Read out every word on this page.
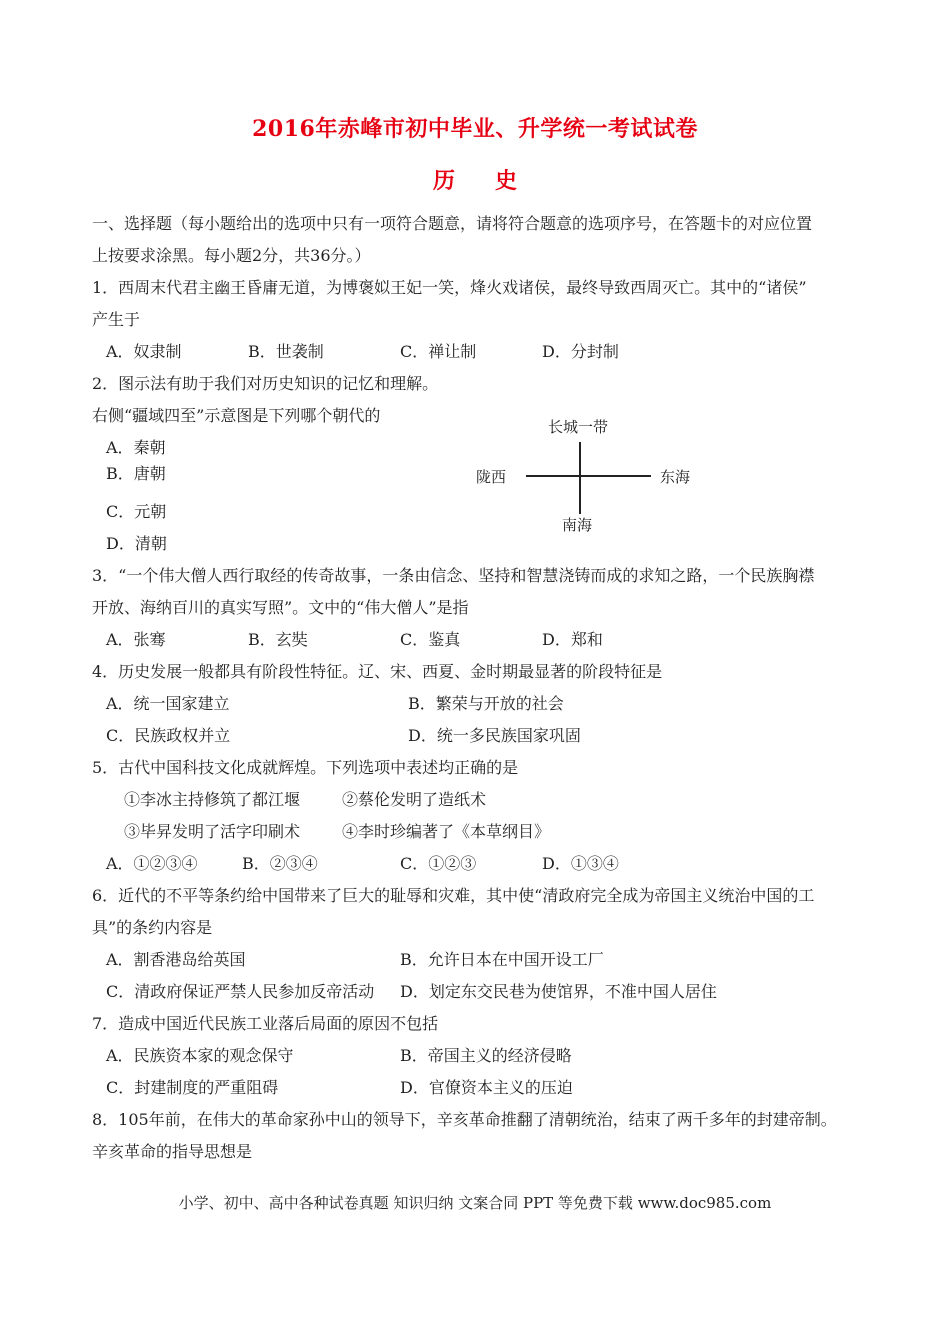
2016年赤峰市初中毕业、升学统一考试试卷
历史
一、选择题（每小题给出的选项中只有一项符合题意，请将符合题意的选项序号，在答题卡的对应位置
上按要求涂黑。每小题2分，共36分。）
1．西周末代君主幽王昏庸无道，为博褒姒王妃一笑，烽火戏诸侯，最终导致西周灭亡。其中的“诸侯”
产生于
A．奴隶制	B．世袭制	C．禅让制	D．分封制
2．图示法有助于我们对历史知识的记忆和理解。
右侧“疆域四至”示意图是下列哪个朝代的
A．秦朝
B．唐朝
C．元朝
D．清朝
长城一带
陇西	东海
南海
3．“一个伟大僧人西行取经的传奇故事，一条由信念、坚持和智慧浇铸而成的求知之路，一个民族胸襟
开放、海纳百川的真实写照”。文中的“伟大僧人”是指
A．张骞	B．玄奘	C．鉴真	D．郑和
4．历史发展一般都具有阶段性特征。辽、宋、西夏、金时期最显著的阶段特征是
A．统一国家建立	B．繁荣与开放的社会
C．民族政权并立	D．统一多民族国家巩固
5．古代中国科技文化成就辉煌。下列选项中表述均正确的是
①李冰主持修筑了都江堰	②蔡伦发明了造纸术
③毕昇发明了活字印刷术	④李时珍编著了《本草纲目》
A．①②③④	B．②③④	C．①②③	D．①③④
6．近代的不平等条约给中国带来了巨大的耻辱和灾难，其中使“清政府完全成为帝国主义统治中国的工
具”的条约内容是
A．割香港岛给英国	B．允许日本在中国开设工厂
C．清政府保证严禁人民参加反帝活动 D．划定东交民巷为使馆界，不准中国人居住
7．造成中国近代民族工业落后局面的原因不包括
A．民族资本家的观念保守	B．帝国主义的经济侵略
C．封建制度的严重阻碍	D．官僚资本主义的压迫
8．105年前，在伟大的革命家孙中山的领导下，辛亥革命推翻了清朝统治，结束了两千多年的封建帝制。
辛亥革命的指导思想是
小学、初中、高中各种试卷真题 知识归纳 文案合同 PPT 等免费下载 www.doc985.com
